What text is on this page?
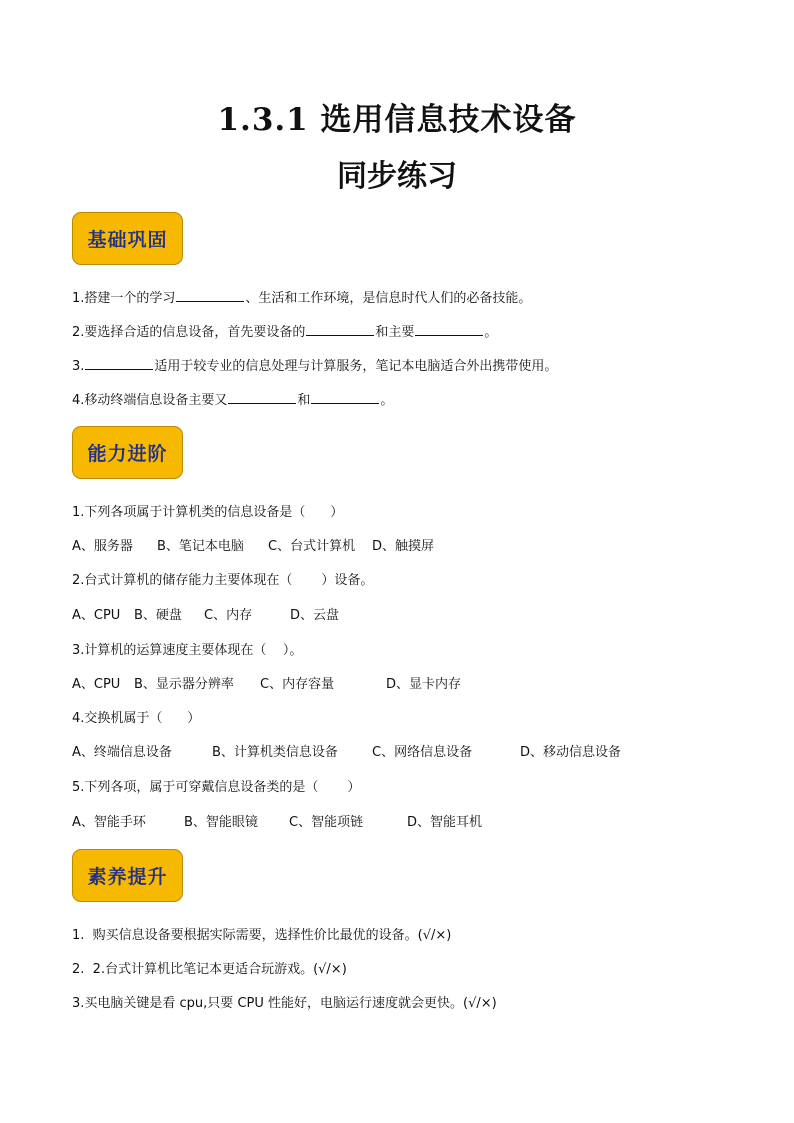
1.3.1 选用信息技术设备
同步练习
基础巩固
1.搭建一个的学习	、生活和工作环境，是信息时代人们的必备技能。
2.要选择合适的信息设备，首先要设备的	和主要	。
3.	适用于较专业的信息处理与计算服务，笔记本电脑适合外出携带使用。
4.移动终端信息设备主要又	和	。
能力进阶
1.下列各项属于计算机类的信息设备是（      ）
A、服务器 B、笔记本电脑 C、台式计算机 D、触摸屏
2.台式计算机的储存能力主要体现在（       ）设备。
A、CPU B、硬盘 C、内存	D、云盘
3.计算机的运算速度主要体现在（    ）。
A、CPU B、显示器分辨率 C、内存容量	D、显卡内存
4.交换机属于（      ）
A、终端信息设备	B、计算机类信息设备	C、网络信息设备	D、移动信息设备
5.下列各项，属于可穿戴信息设备类的是（       ）
A、智能手环	B、智能眼镜 C、智能项链	D、智能耳机
素养提升
1.  购买信息设备要根据实际需要，选择性价比最优的设备。(√/×)
2.  2.台式计算机比笔记本更适合玩游戏。(√/×)
3.买电脑关键是看 cpu,只要 CPU 性能好，电脑运行速度就会更快。(√/×)
